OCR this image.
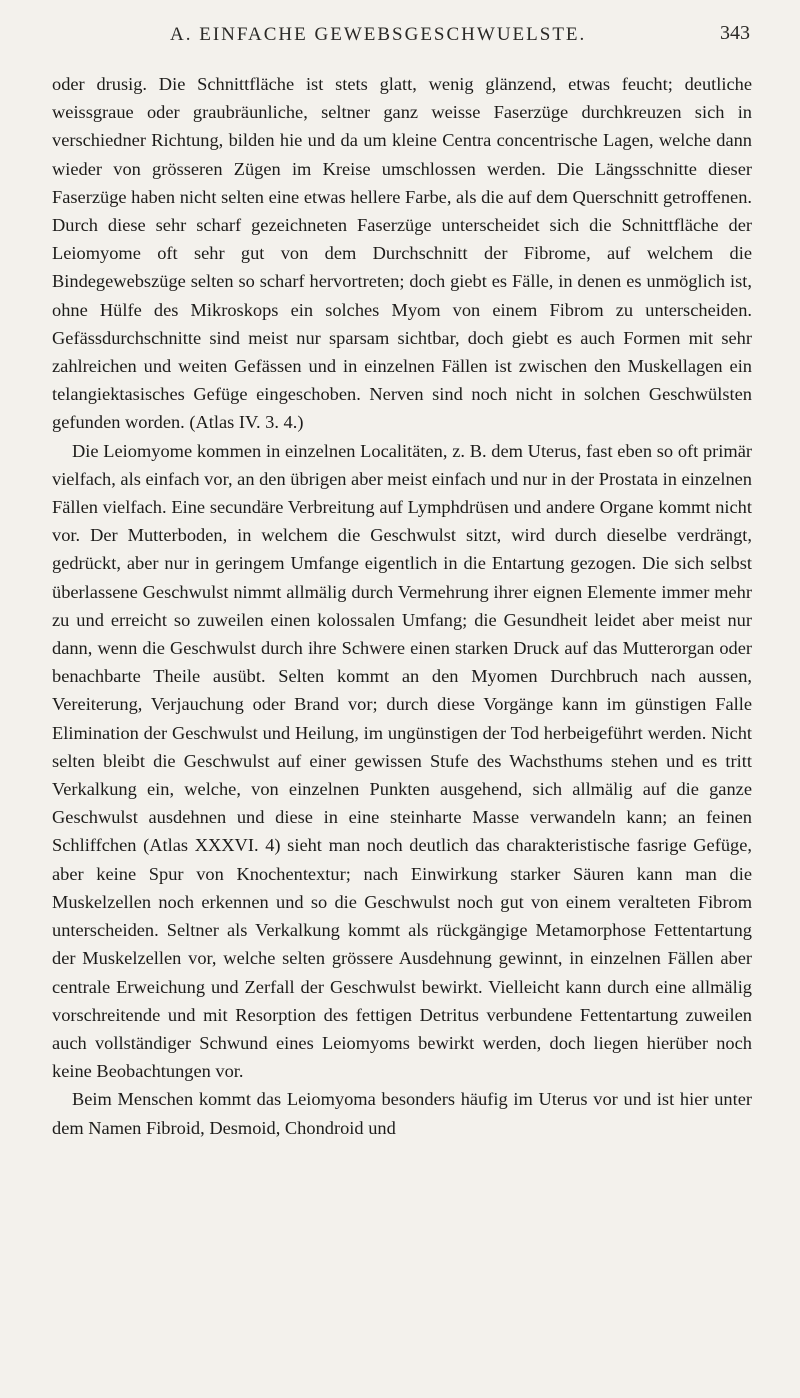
A. EINFACHE GEWEBSGESCHWUELSTE.	343

oder drusig. Die Schnittfläche ist stets glatt, wenig glänzend, etwas feucht; deutliche weissgraue oder graubräunliche, seltner ganz weisse Faserzüge durchkreuzen sich in verschiedner Richtung, bilden hie und da um kleine Centra concentrische Lagen, welche dann wieder von grösseren Zügen im Kreise umschlossen werden. Die Längsschnitte dieser Faserzüge haben nicht selten eine etwas hellere Farbe, als die auf dem Querschnitt getroffenen. Durch diese sehr scharf gezeichneten Faserzüge unterscheidet sich die Schnittfläche der Leiomyome oft sehr gut von dem Durchschnitt der Fibrome, auf welchem die Bindegewebszüge selten so scharf hervortreten; doch giebt es Fälle, in denen es unmöglich ist, ohne Hülfe des Mikroskops ein solches Myom von einem Fibrom zu unterscheiden. Gefässdurchschnitte sind meist nur sparsam sichtbar, doch giebt es auch Formen mit sehr zahlreichen und weiten Gefässen und in einzelnen Fällen ist zwischen den Muskellagen ein telangiektasisches Gefüge eingeschoben. Nerven sind noch nicht in solchen Geschwülsten gefunden worden. (Atlas IV. 3. 4.)

Die Leiomyome kommen in einzelnen Localitäten, z. B. dem Uterus, fast eben so oft primär vielfach, als einfach vor, an den übrigen aber meist einfach und nur in der Prostata in einzelnen Fällen vielfach. Eine secundäre Verbreitung auf Lymphdrüsen und andere Organe kommt nicht vor. Der Mutterboden, in welchem die Geschwulst sitzt, wird durch dieselbe verdrängt, gedrückt, aber nur in geringem Umfange eigentlich in die Entartung gezogen. Die sich selbst überlassene Geschwulst nimmt allmälig durch Vermehrung ihrer eignen Elemente immer mehr zu und erreicht so zuweilen einen kolossalen Umfang; die Gesundheit leidet aber meist nur dann, wenn die Geschwulst durch ihre Schwere einen starken Druck auf das Mutterorgan oder benachbarte Theile ausübt. Selten kommt an den Myomen Durchbruch nach aussen, Vereiterung, Verjauchung oder Brand vor; durch diese Vorgänge kann im günstigen Falle Elimination der Geschwulst und Heilung, im ungünstigen der Tod herbeigeführt werden. Nicht selten bleibt die Geschwulst auf einer gewissen Stufe des Wachsthums stehen und es tritt Verkalkung ein, welche, von einzelnen Punkten ausgehend, sich allmälig auf die ganze Geschwulst ausdehnen und diese in eine steinharte Masse verwandeln kann; an feinen Schliffchen (Atlas XXXVI. 4) sieht man noch deutlich das charakteristische fasrige Gefüge, aber keine Spur von Knochentextur; nach Einwirkung starker Säuren kann man die Muskelzellen noch erkennen und so die Geschwulst noch gut von einem veralteten Fibrom unterscheiden. Seltner als Verkalkung kommt als rückgängige Metamorphose Fettentartung der Muskelzellen vor, welche selten grössere Ausdehnung gewinnt, in einzelnen Fällen aber centrale Erweichung und Zerfall der Geschwulst bewirkt. Vielleicht kann durch eine allmälig vorschreitende und mit Resorption des fettigen Detritus verbundene Fettentartung zuweilen auch vollständiger Schwund eines Leiomyoms bewirkt werden, doch liegen hierüber noch keine Beobachtungen vor.

Beim Menschen kommt das Leiomyoma besonders häufig im Uterus vor und ist hier unter dem Namen Fibroid, Desmoid, Chondroid und
